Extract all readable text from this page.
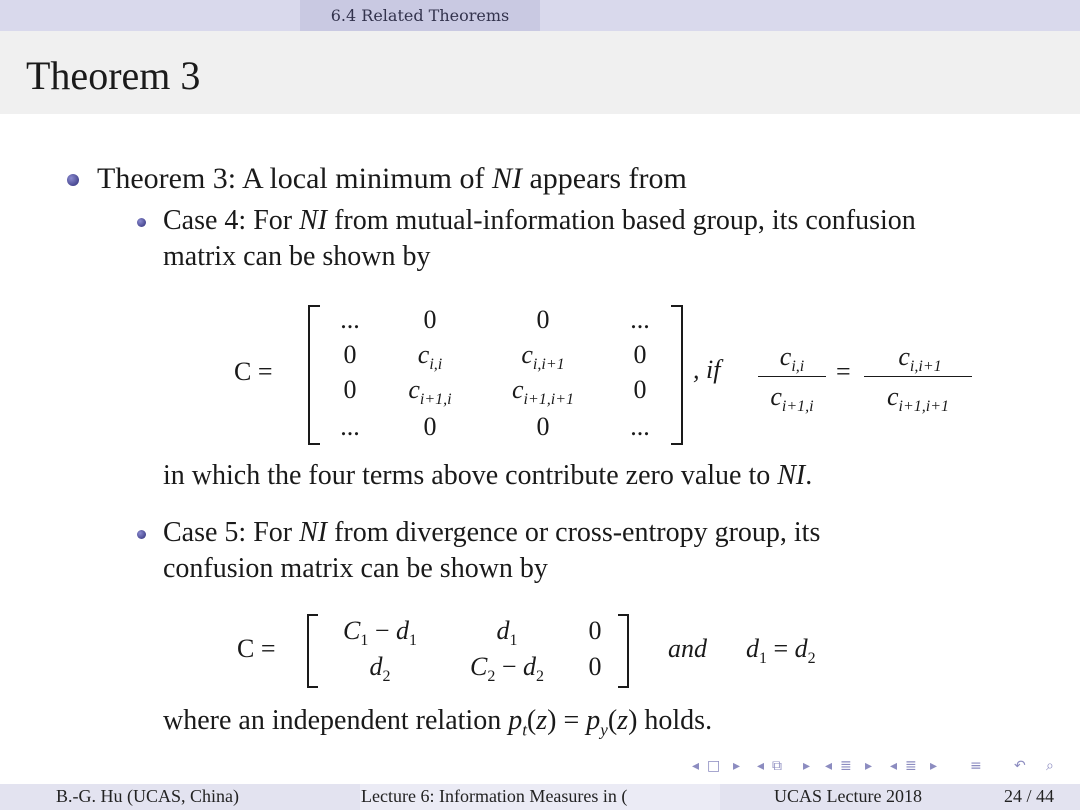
6.4 Related Theorems
Theorem 3

Theorem 3: A local minimum of NI appears from

Case 4: For NI from mutual-information based group, its confusion

matrix can be shown by

C =
...	0	0	...
0	$c_{i,i}$	$c_{i,i+1}$	0
0	$c_{i+1,i}$	$c_{i+1,i+1}$	0
...	0	0	...
, if	$c_{i,i}$
$c_{i+1,i}$
=
$c_{i,i+1}$
$c_{i+1,i+1}$

in which the four terms above contribute zero value to NI.

Case 5: For NI from divergence or cross-entropy group, its

confusion matrix can be shown by

C =
$C_1 - d_1$	$d_1$	0
$d_2$	$C_2 - d_2$	0
and $d_1 = d_2$

where an independent relation $p_t(z) = p_y(z)$ holds.

◂ □ ▸ ◂ ⧉ ▸ ◂ ≣ ▸ ◂ ≣ ▸ ≡ ↶ ⌕
B.-G. Hu (UCAS, China)	Lecture 6: Information Measures in (	UCAS Lecture 2018	24 / 44
